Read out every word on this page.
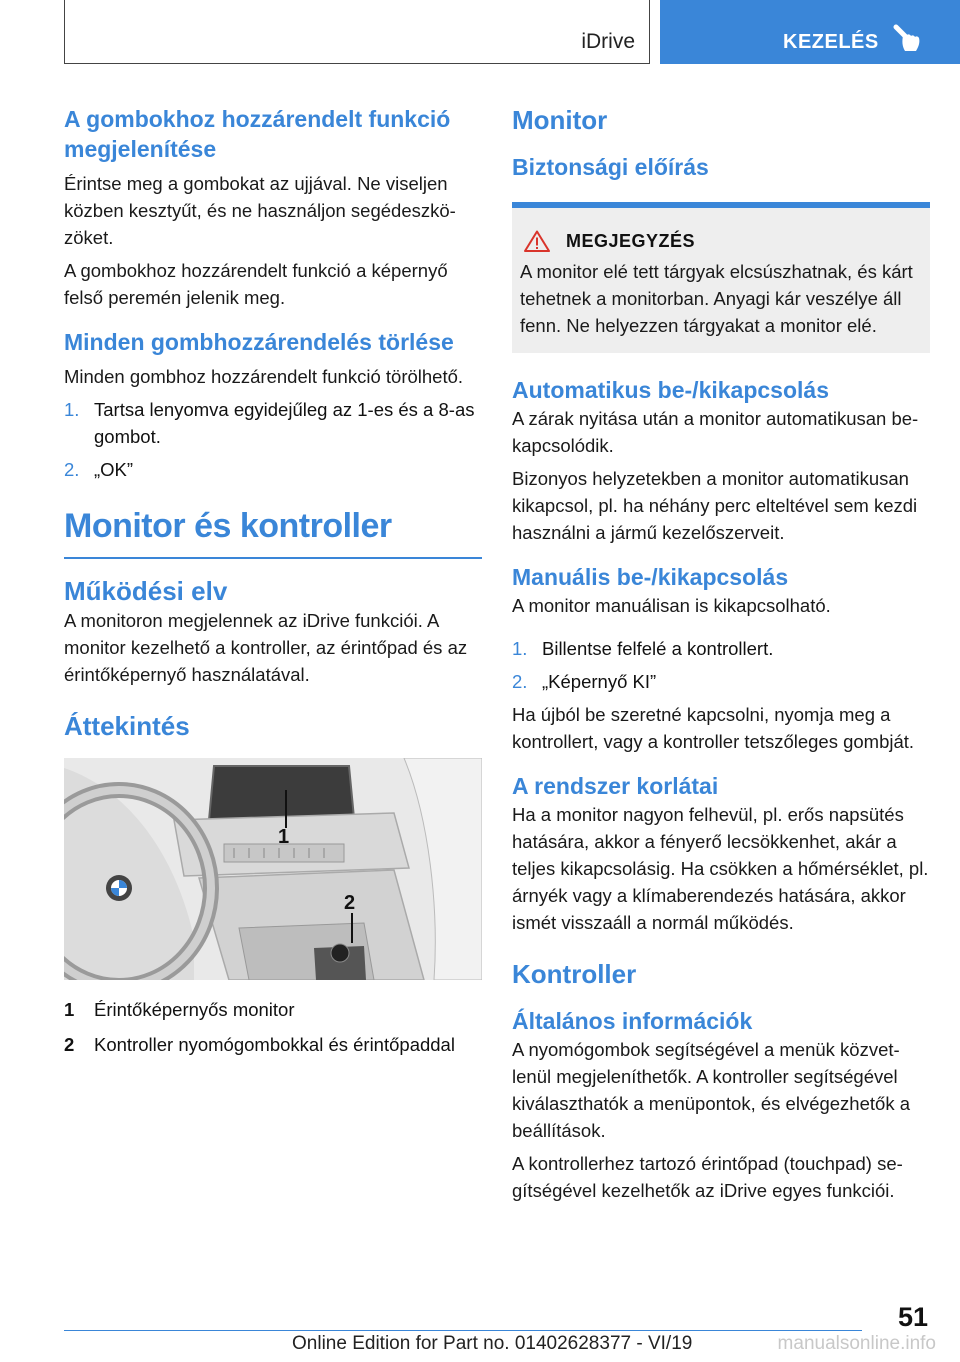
iDrive	KEZELÉS
A gombokhoz hozzárendelt funkció megjelenítése
Érintse meg a gombokat az ujjával. Ne viseljen közben kesztyűt, és ne használjon segédeszközöket.
A gombokhoz hozzárendelt funkció a képernyő felső peremén jelenik meg.
Minden gombhozzárendelés törlése
Minden gombhoz hozzárendelt funkció törölhető.
1. Tartsa lenyomva egyidejűleg az 1-es és a 8-as gombot.
2. „OK”
Monitor és kontroller
Működési elv
A monitoron megjelennek az iDrive funkciói. A monitor kezelhető a kontroller, az érintőpad és az érintőképernyő használatával.
Áttekintés
1
2
1	Érintőképernyős monitor
2	Kontroller nyomógombokkal és érintőpaddal
Monitor
Biztonsági előírás
MEGJEGYZÉS
A monitor elé tett tárgyak elcsúszhatnak, és kárt tehetnek a monitorban. Anyagi kár veszélye áll fenn. Ne helyezzen tárgyakat a monitor elé.
Automatikus be-/kikapcsolás
A zárak nyitása után a monitor automatikusan bekapcsolódik.
Bizonyos helyzetekben a monitor automatikusan kikapcsol, pl. ha néhány perc elteltével sem kezdi használni a jármű kezelőszerveit.
Manuális be-/kikapcsolás
A monitor manuálisan is kikapcsolható.
1. Billentse felfelé a kontrollert.
2. „Képernyő KI”
Ha újból be szeretné kapcsolni, nyomja meg a kontrollert, vagy a kontroller tetszőleges gombját.
A rendszer korlátai
Ha a monitor nagyon felhevül, pl. erős napsütés hatására, akkor a fényerő lecsökkenhet, akár a teljes kikapcsolásig. Ha csökken a hőmérséklet, pl. árnyék vagy a klímaberendezés hatására, akkor ismét visszaáll a normál működés.
Kontroller
Általános információk
A nyomógombok segítségével a menük közvetlenül megjeleníthetők. A kontroller segítségével kiválaszthatók a menüpontok, és elvégezhetők a beállítások.
A kontrollerhez tartozó érintőpad (touchpad) segítségével kezelhetők az iDrive egyes funkciói.
51
Online Edition for Part no. 01402628377 - VI/19	manualsonline.info
